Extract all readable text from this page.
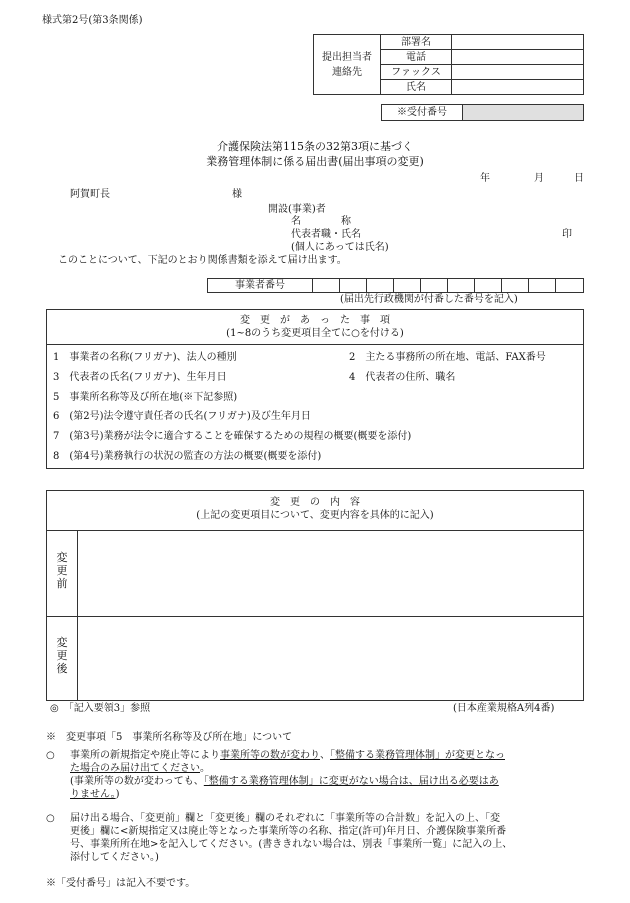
様式第2号(第3条関係)
提出担当者
連絡先	部署名	
	電話	
	ファックス	
	氏名	
※受付番号	
介護保険法第115条の32第3項に基づく
業務管理体制に係る届出書(届出事項の変更)
年	月	日
阿賀町長	様
開設(事業)者
名　　　　称
代表者職・氏名	印
(個人にあっては氏名)
このことについて、下記のとおり関係書類を添えて届け出ます。
事業者番号										
(届出先行政機関が付番した番号を記入)
変　更　が　あ　っ　た　事　項
(1~8のうち変更項目全てに○を付ける)
1　事業者の名称(フリガナ)、法人の種別	2　主たる事務所の所在地、電話、FAX番号
3　代表者の氏名(フリガナ)、生年月日	4　代表者の住所、職名
5　事業所名称等及び所在地(※下記参照)
6　(第2号)法令遵守責任者の氏名(フリガナ)及び生年月日
7　(第3号)業務が法令に適合することを確保するための規程の概要(概要を添付)
8　(第4号)業務執行の状況の監査の方法の概要(概要を添付)
変　更　の　内　容
(上記の変更項目について、変更内容を具体的に記入)
変更前
変更後
◎　「記入要領3」参照	(日本産業規格A列4番)
※　変更事項「5　事業所名称等及び所在地」について
○ 事業所の新規指定や廃止等により事業所等の数が変わり、「整備する業務管理体制」が変更となっ
た場合のみ届け出てください。
(事業所等の数が変わっても、「整備する業務管理体制」に変更がない場合は、届け出る必要はあ
りません。)
○ 届け出る場合、「変更前」欄と「変更後」欄のそれぞれに「事業所等の合計数」を記入の上、「変
更後」欄に<新規指定又は廃止等となった事業所等の名称、指定(許可)年月日、介護保険事業所番
号、事業所所在地>を記入してください。(書ききれない場合は、別表「事業所一覧」に記入の上、
添付してください。)
※「受付番号」は記入不要です。
